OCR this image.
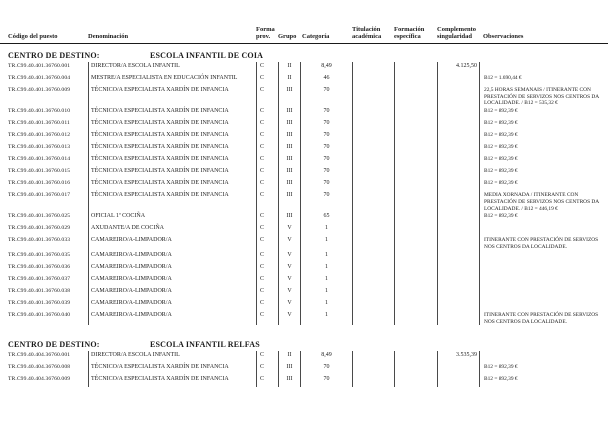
Código del puesto	Denominación
Forma
prov.	Grupo Categoría
Titulación
académica
Formación
específica
Complemento
singularidad	Observaciones
CENTRO DE DESTINO:	ESCOLA INFANTIL DE COIA
TR.C99.40.401.36760.001	DIRECTOR/A ESCOLA INFANTIL	C	II	8,49	4.125,50
TR.C99.40.401.36760.004	MESTRE/A ESPECIALISTA EN EDUCACIÓN INFANTIL	C	II	46	B12 = 1.690,44 €
TR.C99.40.401.36760.009	TÉCNICO/A ESPECIALISTA XARDÍN DE INFANCIA	C	III	70	22,5 HORAS SEMANAIS / ITINERANTE CON PRESTACIÓN DE SERVIZOS NOS CENTROS DA LOCALIDADE. / B12 = 535,32 €
TR.C99.40.401.36760.010	TÉCNICO/A ESPECIALISTA XARDÍN DE INFANCIA	C	III	70	B12 = 892,39 €
TR.C99.40.401.36760.011	TÉCNICO/A ESPECIALISTA XARDÍN DE INFANCIA	C	III	70	B12 = 892,39 €
TR.C99.40.401.36760.012	TÉCNICO/A ESPECIALISTA XARDÍN DE INFANCIA	C	III	70	B12 = 892,39 €
TR.C99.40.401.36760.013	TÉCNICO/A ESPECIALISTA XARDÍN DE INFANCIA	C	III	70	B12 = 892,39 €
TR.C99.40.401.36760.014	TÉCNICO/A ESPECIALISTA XARDÍN DE INFANCIA	C	III	70	B12 = 892,39 €
TR.C99.40.401.36760.015	TÉCNICO/A ESPECIALISTA XARDÍN DE INFANCIA	C	III	70	B12 = 892,39 €
TR.C99.40.401.36760.016	TÉCNICO/A ESPECIALISTA XARDÍN DE INFANCIA	C	III	70	B12 = 892,39 €
TR.C99.40.401.36760.017	TÉCNICO/A ESPECIALISTA XARDÍN DE INFANCIA	C	III	70	MEDIA XORNADA / ITINERANTE CON PRESTACIÓN DE SERVIZOS NOS CENTROS DA LOCALIDADE. / B12 = 446,19 €
TR.C99.40.401.36760.025	OFICIAL 1ª COCIÑA	C	III	65	B12 = 892,39 €
TR.C99.40.401.36760.029	AXUDANTE/A DE COCIÑA	C	V	1
TR.C99.40.401.36760.033	CAMAREIRO/A-LIMPADOR/A	C	V	1	ITINERANTE CON PRESTACIÓN DE SERVIZOS NOS CENTROS DA LOCALIDADE.
TR.C99.40.401.36760.035	CAMAREIRO/A-LIMPADOR/A	C	V	1
TR.C99.40.401.36760.036	CAMAREIRO/A-LIMPADOR/A	C	V	1
TR.C99.40.401.36760.037	CAMAREIRO/A-LIMPADOR/A	C	V	1
TR.C99.40.401.36760.038	CAMAREIRO/A-LIMPADOR/A	C	V	1
TR.C99.40.401.36760.039	CAMAREIRO/A-LIMPADOR/A	C	V	1
TR.C99.40.401.36760.040	CAMAREIRO/A-LIMPADOR/A	C	V	1	ITINERANTE CON PRESTACIÓN DE SERVIZOS NOS CENTROS DA LOCALIDADE.
CENTRO DE DESTINO:	ESCOLA INFANTIL RELFAS
TR.C99.40.404.36760.001	DIRECTOR/A ESCOLA INFANTIL	C	II	8,49	3.535,39
TR.C99.40.404.36760.008	TÉCNICO/A ESPECIALISTA XARDÍN DE INFANCIA	C	III	70	B12 = 892,39 €
TR.C99.40.404.36760.009	TÉCNICO/A ESPECIALISTA XARDÍN DE INFANCIA	C	III	70	B12 = 892,39 €
